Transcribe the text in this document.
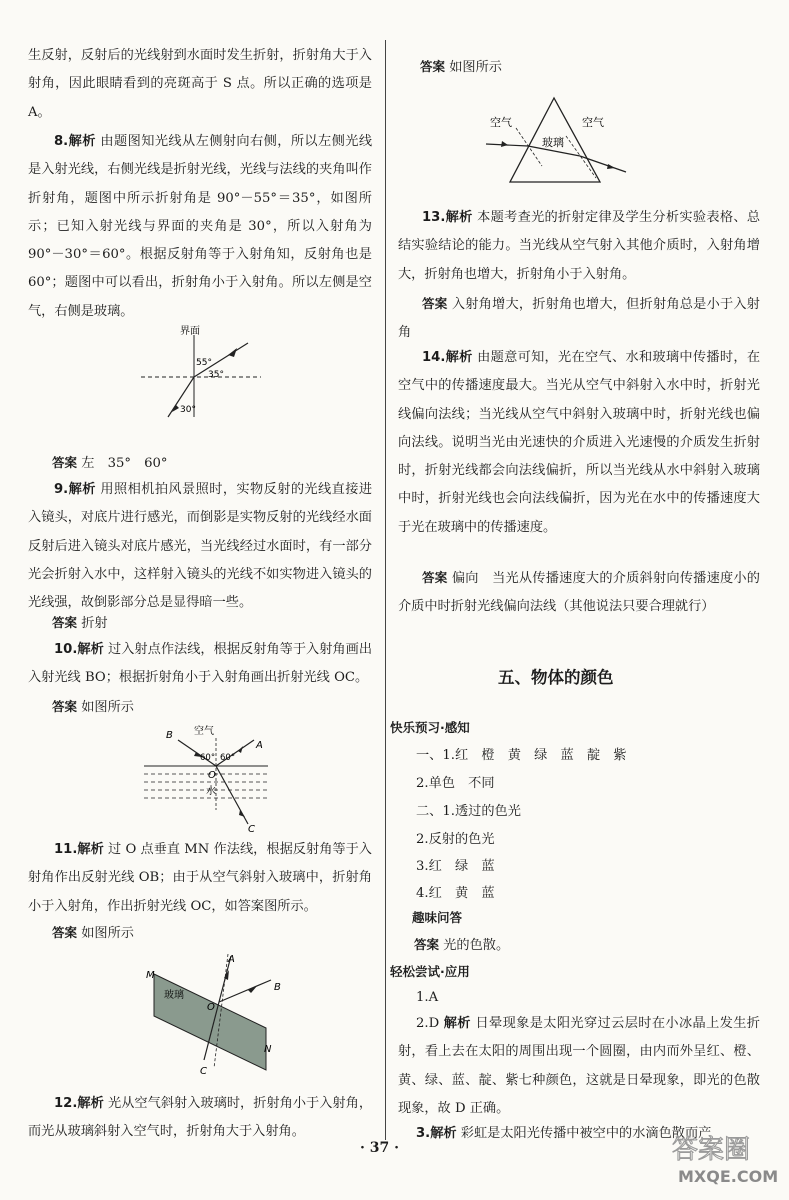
生反射，反射后的光线射到水面时发生折射，折射角大于入射角，因此眼睛看到的亮斑高于 S 点。所以正确的选项是 A。
8.解析 由题图知光线从左侧射向右侧，所以左侧光线是入射光线，右侧光线是折射光线，光线与法线的夹角叫作折射角，题图中所示折射角是 90°－55°＝35°，如图所示；已知入射光线与界面的夹角是 30°，所以入射角为 90°－30°＝60°。根据反射角等于入射角知，反射角也是 60°；题图中可以看出，折射角小于入射角。所以左侧是空气，右侧是玻璃。
界面
55°
35°
30°
答案 左　35°　60°
9.解析 用照相机拍风景照时，实物反射的光线直接进入镜头，对底片进行感光，而倒影是实物反射的光线经水面反射后进入镜头对底片感光，当光线经过水面时，有一部分光会折射入水中，这样射入镜头的光线不如实物进入镜头的光线强，故倒影部分总是显得暗一些。
答案 折射
10.解析 过入射点作法线，根据反射角等于入射角画出入射光线 BO；根据折射角小于入射角画出折射光线 OC。
答案 如图所示
B
A
空气
60° 60°
O
水
C
11.解析 过 O 点垂直 MN 作法线，根据反射角等于入射角作出反射光线 OB；由于从空气斜射入玻璃中，折射角小于入射角，作出折射光线 OC，如答案图所示。
答案 如图所示
玻璃
M
N
A
B
O
C
12.解析 光从空气斜射入玻璃时，折射角小于入射角，而光从玻璃斜射入空气时，折射角大于入射角。
答案 如图所示
空气	空气
玻璃
13.解析 本题考查光的折射定律及学生分析实验表格、总结实验结论的能力。当光线从空气射入其他介质时，入射角增大，折射角也增大，折射角小于入射角。
答案 入射角增大，折射角也增大，但折射角总是小于入射角
14.解析 由题意可知，光在空气、水和玻璃中传播时，在空气中的传播速度最大。当光从空气中斜射入水中时，折射光线偏向法线；当光线从空气中斜射入玻璃中时，折射光线也偏向法线。说明当光由光速快的介质进入光速慢的介质发生折射时，折射光线都会向法线偏折，所以当光线从水中斜射入玻璃中时，折射光线也会向法线偏折，因为光在水中的传播速度大于光在玻璃中的传播速度。
答案 偏向　当光从传播速度大的介质斜射向传播速度小的介质中时折射光线偏向法线（其他说法只要合理就行）
五、物体的颜色
快乐预习·感知
一、1.红　橙　黄　绿　蓝　靛　紫
2.单色　不同
二、1.透过的色光
2.反射的色光
3.红　绿　蓝
4.红　黄　蓝
趣味问答
答案 光的色散。
轻松尝试·应用
1.A
2.D 解析 日晕现象是太阳光穿过云层时在小冰晶上发生折射，看上去在太阳的周围出现一个圆圈，由内而外呈红、橙、黄、绿、蓝、靛、紫七种颜色，这就是日晕现象，即光的色散现象，故 D 正确。
3.解析 彩虹是太阳光传播中被空中的水滴色散而产
· 37 ·	答案圈
MXQE.COM
